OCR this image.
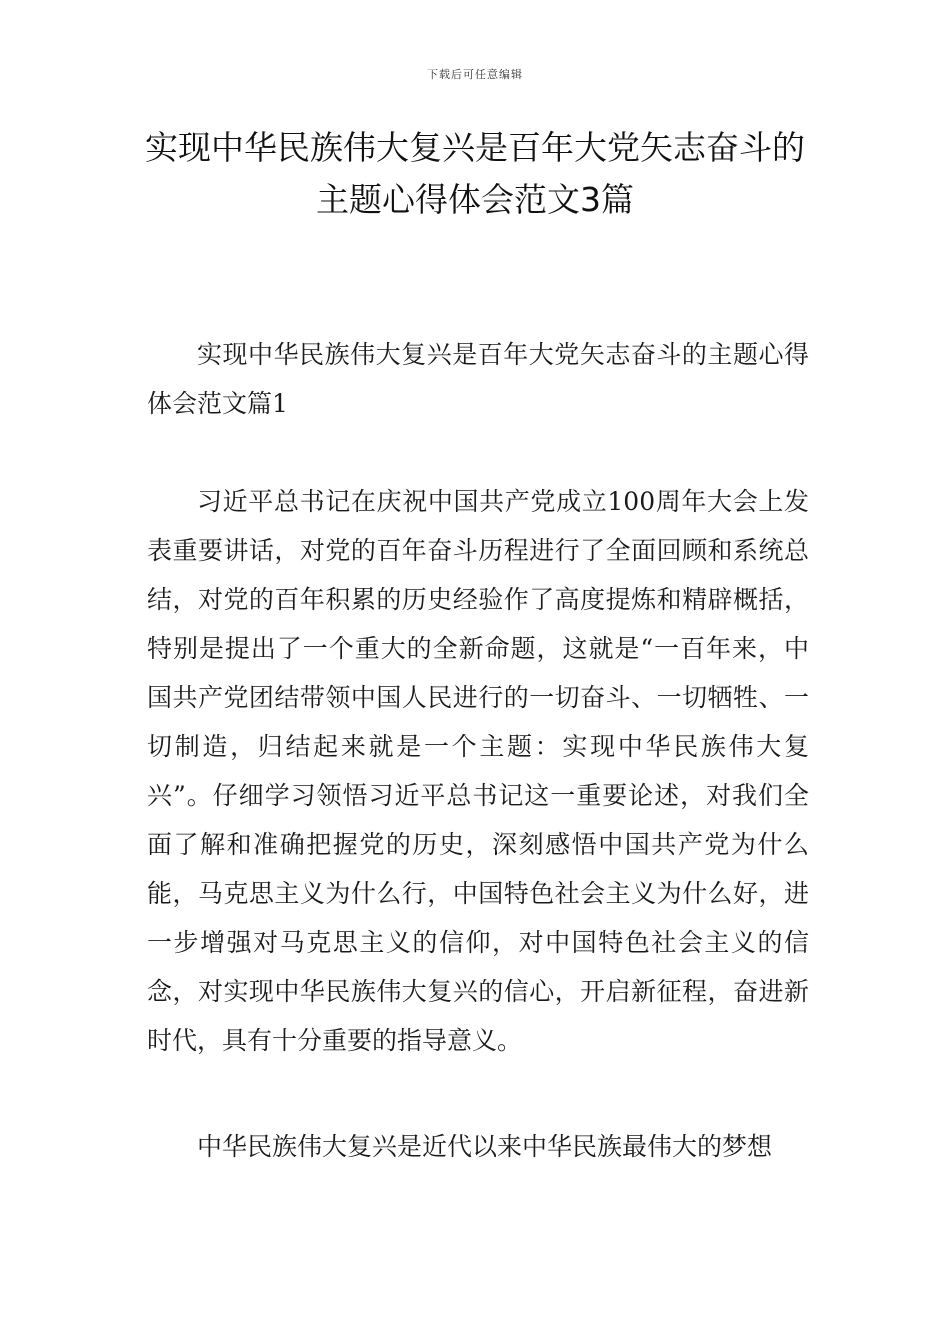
下载后可任意编辑
实现中华民族伟大复兴是百年大党矢志奋斗的主题心得体会范文3篇

实现中华民族伟大复兴是百年大党矢志奋斗的主题心得体会范文篇1

习近平总书记在庆祝中国共产党成立100周年大会上发表重要讲话，对党的百年奋斗历程进行了全面回顾和系统总结，对党的百年积累的历史经验作了高度提炼和精辟概括，特别是提出了一个重大的全新命题，这就是“一百年来，中国共产党团结带领中国人民进行的一切奋斗、一切牺牲、一切制造，归结起来就是一个主题：实现中华民族伟大复兴”。仔细学习领悟习近平总书记这一重要论述，对我们全面了解和准确把握党的历史，深刻感悟中国共产党为什么能，马克思主义为什么行，中国特色社会主义为什么好，进一步增强对马克思主义的信仰，对中国特色社会主义的信念，对实现中华民族伟大复兴的信心，开启新征程，奋进新时代，具有十分重要的指导意义。

中华民族伟大复兴是近代以来中华民族最伟大的梦想
